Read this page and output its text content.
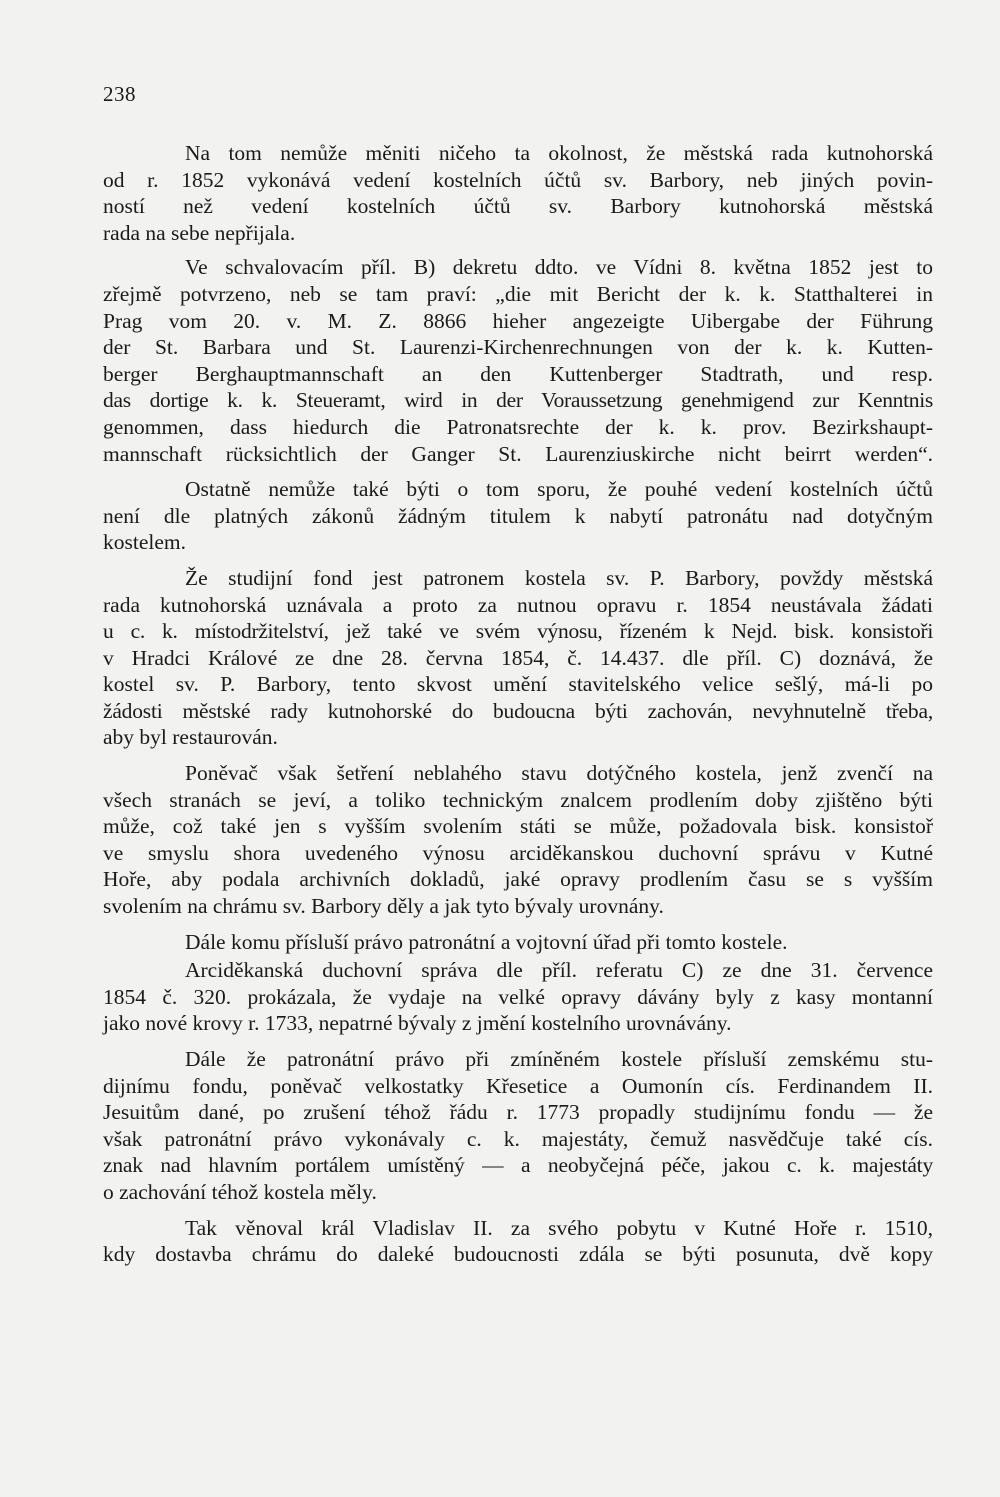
238
Na tom nemůže měniti ničeho ta okolnost, že městská rada kutnohorská
od r. 1852 vykonává vedení kostelních účtů sv. Barbory, neb jiných povin-
ností než vedení kostelních účtů sv. Barbory kutnohorská městská
rada na sebe nepřijala.
Ve schvalovacím příl. B) dekretu ddto. ve Vídni 8. května 1852 jest to
zřejmě potvrzeno, neb se tam praví: „die mit Bericht der k. k. Statthalterei in
Prag vom 20. v. M. Z. 8866 hieher angezeigte Uibergabe der Führung
der St. Barbara und St. Laurenzi-Kirchenrechnungen von der k. k. Kutten-
berger Berghauptmannschaft an den Kuttenberger Stadtrath, und resp.
das dortige k. k. Steueramt, wird in der Voraussetzung genehmigend zur Kenntnis
genommen, dass hiedurch die Patronatsrechte der k. k. prov. Bezirkshaupt-
mannschaft rücksichtlich der Ganger St. Laurenziuskirche nicht beirrt werden“.
Ostatně nemůže také býti o tom sporu, že pouhé vedení kostelních účtů
není dle platných zákonů žádným titulem k nabytí patronátu nad dotyčným
kostelem.
Že studijní fond jest patronem kostela sv. P. Barbory, povždy městská
rada kutnohorská uznávala a proto za nutnou opravu r. 1854 neustávala žádati
u c. k. místodržitelství, jež také ve svém výnosu, řízeném k Nejd. bisk. konsistoři
v Hradci Králové ze dne 28. června 1854, č. 14.437. dle příl. C) doznává, že
kostel sv. P. Barbory, tento skvost umění stavitelského velice sešlý, má-li po
žádosti městské rady kutnohorské do budoucna býti zachován, nevyhnutelně třeba,
aby byl restaurován.
Poněvač však šetření neblahého stavu dotýčného kostela, jenž zvenčí na
všech stranách se jeví, a toliko technickým znalcem prodlením doby zjištěno býti
může, což také jen s vyšším svolením státi se může, požadovala bisk. konsistoř
ve smyslu shora uvedeného výnosu arciděkanskou duchovní správu v Kutné
Hoře, aby podala archivních dokladů, jaké opravy prodlením času se s vyšším
svolením na chrámu sv. Barbory děly a jak tyto bývaly urovnány.
Dále komu přísluší právo patronátní a vojtovní úřad při tomto kostele.
Arciděkanská duchovní správa dle příl. referatu C) ze dne 31. července
1854 č. 320. prokázala, že vydaje na velké opravy dávány byly z kasy montanní
jako nové krovy r. 1733, nepatrné bývaly z jmění kostelního urovnávány.
Dále že patronátní právo při zmíněném kostele přísluší zemskému stu-
dijnímu fondu, poněvač velkostatky Křesetice a Oumonín cís. Ferdinandem II.
Jesuitům dané, po zrušení téhož řádu r. 1773 propadly studijnímu fondu — že
však patronátní právo vykonávaly c. k. majestáty, čemuž nasvědčuje také cís.
znak nad hlavním portálem umístěný — a neobyčejná péče, jakou c. k. majestáty
o zachování téhož kostela měly.
Tak věnoval král Vladislav II. za svého pobytu v Kutné Hoře r. 1510,
kdy dostavba chrámu do daleké budoucnosti zdála se býti posunuta, dvě kopy
